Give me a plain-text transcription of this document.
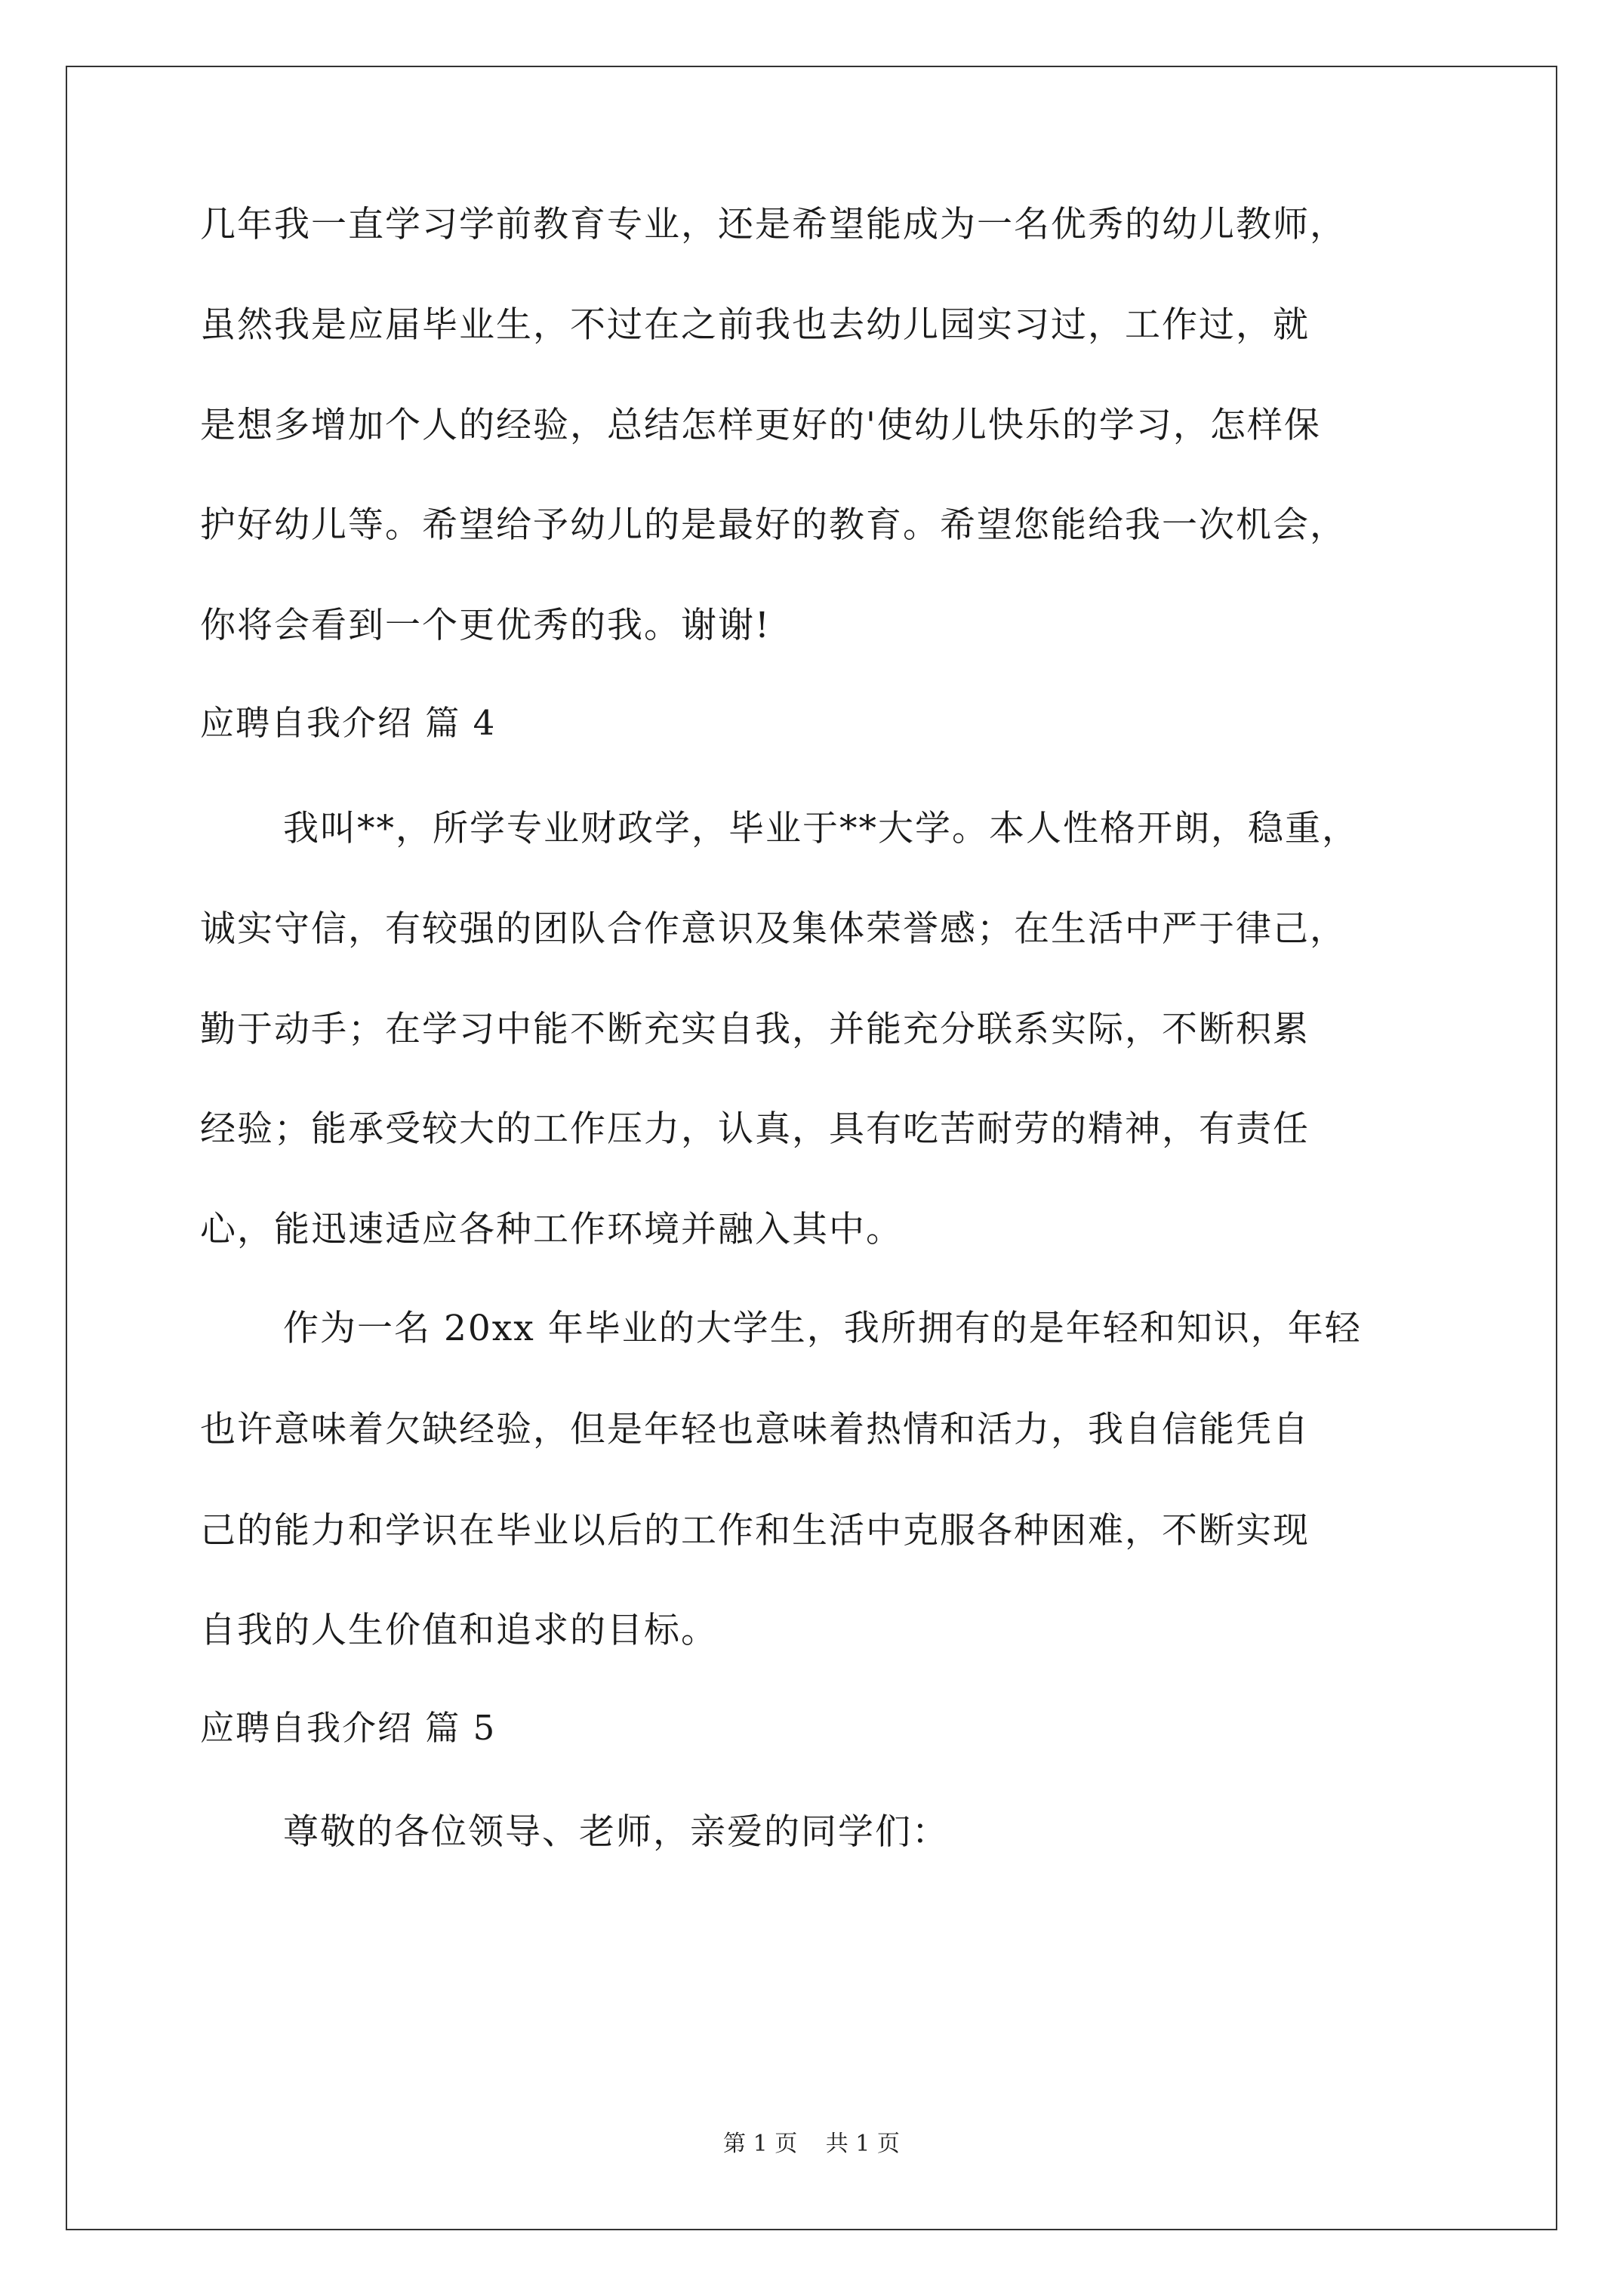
几年我一直学习学前教育专业，还是希望能成为一名优秀的幼儿教师，
虽然我是应届毕业生，不过在之前我也去幼儿园实习过，工作过，就
是想多增加个人的经验，总结怎样更好的'使幼儿快乐的学习，怎样保
护好幼儿等。希望给予幼儿的是最好的教育。希望您能给我一次机会，
你将会看到一个更优秀的我。谢谢!
应聘自我介绍 篇 4
我叫**，所学专业财政学，毕业于**大学。本人性格开朗，稳重，
诚实守信，有较强的团队合作意识及集体荣誉感；在生活中严于律己，
勤于动手；在学习中能不断充实自我，并能充分联系实际，不断积累
经验；能承受较大的工作压力，认真，具有吃苦耐劳的精神，有责任
心，能迅速适应各种工作环境并融入其中。
作为一名 20xx 年毕业的大学生，我所拥有的是年轻和知识，年轻
也许意味着欠缺经验，但是年轻也意味着热情和活力，我自信能凭自
己的能力和学识在毕业以后的工作和生活中克服各种困难，不断实现
自我的人生价值和追求的目标。
应聘自我介绍 篇 5
尊敬的各位领导、老师，亲爱的同学们：
第 1 页 共 1 页
